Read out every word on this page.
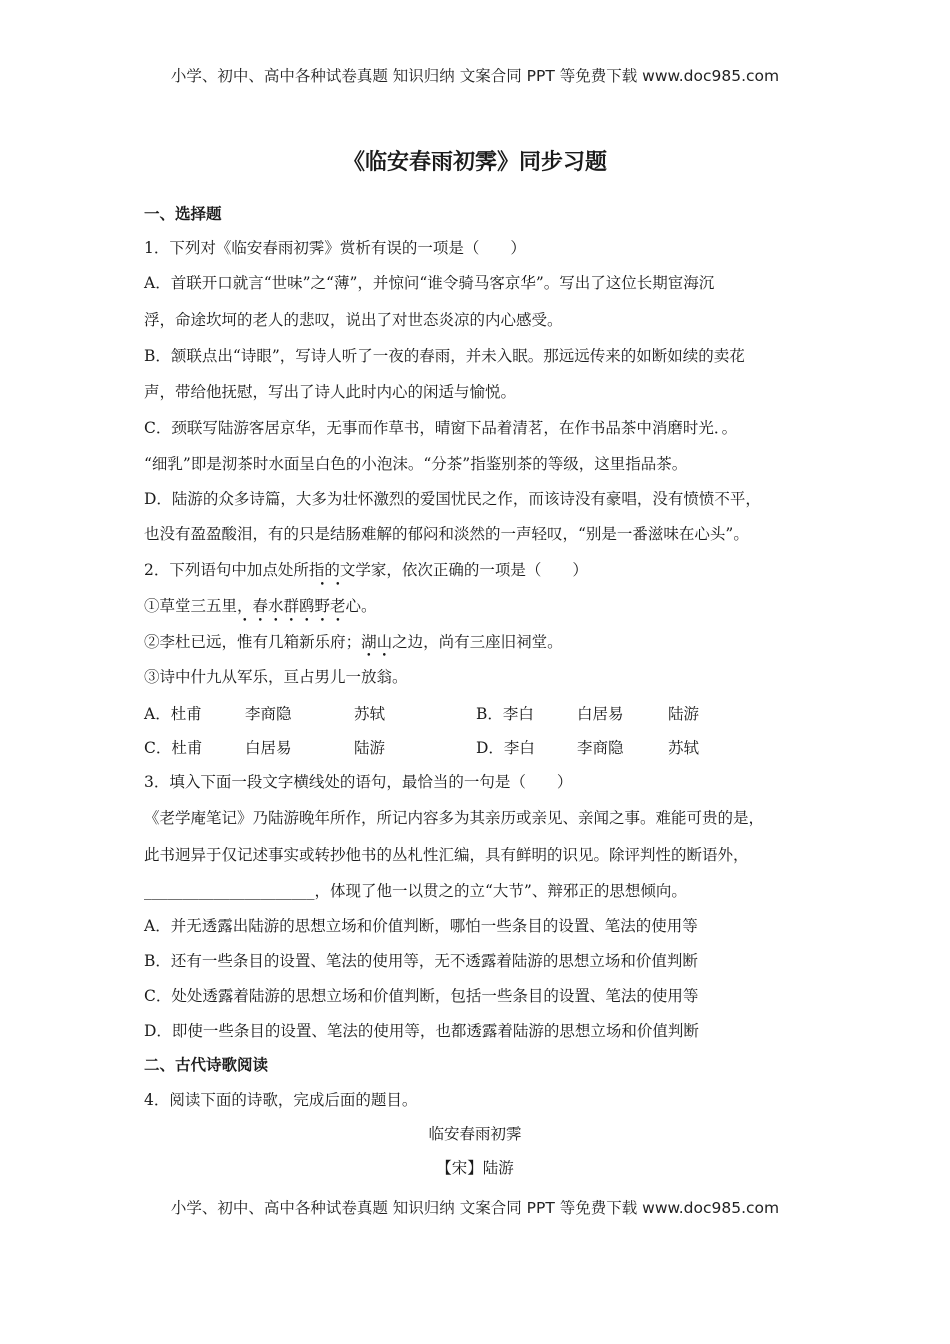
小学、初中、高中各种试卷真题 知识归纳 文案合同 PPT 等免费下载 www.doc985.com
《临安春雨初霁》同步习题
一、选择题
1．下列对《临安春雨初霁》赏析有误的一项是（　　）
A．首联开口就言“世味”之“薄”，并惊问“谁令骑马客京华”。写出了这位长期宦海沉
浮，命途坎坷的老人的悲叹，说出了对世态炎凉的内心感受。
B．颔联点出“诗眼”，写诗人听了一夜的春雨，并未入眠。那远远传来的如断如续的卖花
声，带给他抚慰，写出了诗人此时内心的闲适与愉悦。
C．颈联写陆游客居京华，无事而作草书，晴窗下品着清茗，在作书品茶中消磨时光．。
“细乳”即是沏茶时水面呈白色的小泡沫。“分茶”指鉴别茶的等级，这里指品茶。
D．陆游的众多诗篇，大多为壮怀激烈的爱国忧民之作，而该诗没有豪唱，没有愤愤不平，
也没有盈盈酸泪，有的只是结肠难解的郁闷和淡然的一声轻叹，“别是一番滋味在心头”。
2．下列语句中加点处所指的文学家，依次正确的一项是（　　）
①草堂三五里，春水群鸥野老心。
②李杜已远，惟有几箱新乐府；湖山之边，尚有三座旧祠堂。
③诗中什九从军乐，亘占男儿一放翁。
A．杜甫	李商隐	苏轼	B．李白	白居易	陆游
C．杜甫	白居易	陆游	D．李白	李商隐	苏轼
3．填入下面一段文字横线处的语句，最恰当的一句是（　　）
《老学庵笔记》乃陆游晚年所作，所记内容多为其亲历或亲见、亲闻之事。难能可贵的是，
此书迥异于仅记述事实或转抄他书的丛札性汇编，具有鲜明的识见。除评判性的断语外，
______________________，体现了他一以贯之的立“大节”、辩邪正的思想倾向。
A．并无透露出陆游的思想立场和价值判断，哪怕一些条目的设置、笔法的使用等
B．还有一些条目的设置、笔法的使用等，无不透露着陆游的思想立场和价值判断
C．处处透露着陆游的思想立场和价值判断，包括一些条目的设置、笔法的使用等
D．即使一些条目的设置、笔法的使用等，也都透露着陆游的思想立场和价值判断
二、古代诗歌阅读
4．阅读下面的诗歌，完成后面的题目。
临安春雨初霁
【宋】陆游
小学、初中、高中各种试卷真题 知识归纳 文案合同 PPT 等免费下载 www.doc985.com
